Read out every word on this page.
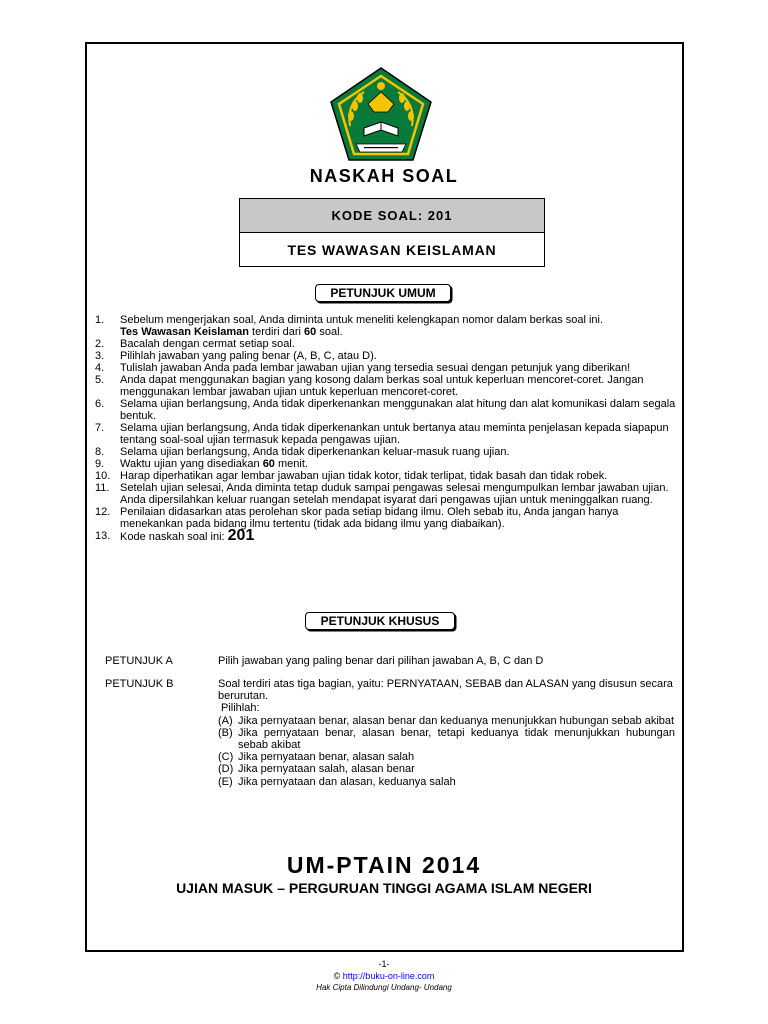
NASKAH SOAL
KODE SOAL: 201
TES WAWASAN KEISLAMAN
PETUNJUK UMUM
1.	Sebelum mengerjakan soal, Anda diminta untuk meneliti kelengkapan nomor dalam berkas soal ini.
Tes Wawasan Keislaman terdiri dari 60 soal.
2.	Bacalah dengan cermat setiap soal.
3.	Pilihlah jawaban yang paling benar (A, B, C, atau D).
4.	Tulislah jawaban Anda pada lembar jawaban ujian yang tersedia sesuai dengan petunjuk yang diberikan!
5.	Anda dapat menggunakan bagian yang kosong dalam berkas soal untuk keperluan mencoret-coret. Jangan menggunakan lembar jawaban ujian untuk keperluan mencoret-coret.
6.	Selama ujian berlangsung, Anda tidak diperkenankan menggunakan alat hitung dan alat komunikasi dalam segala bentuk.
7.	Selama ujian berlangsung, Anda tidak diperkenankan untuk bertanya atau meminta penjelasan kepada siapapun tentang soal-soal ujian termasuk kepada pengawas ujian.
8.	Selama ujian berlangsung, Anda tidak diperkenankan keluar-masuk ruang ujian.
9.	Waktu ujian yang disediakan 60 menit.
10. Harap diperhatikan agar lembar jawaban ujian tidak kotor, tidak terlipat, tidak basah dan tidak robek.
11. Setelah ujian selesai, Anda diminta tetap duduk sampai pengawas selesai mengumpulkan lembar jawaban ujian. Anda dipersilahkan keluar ruangan setelah mendapat isyarat dari pengawas ujian untuk meninggalkan ruang.
12. Penilaian didasarkan atas perolehan skor pada setiap bidang ilmu. Oleh sebab itu, Anda jangan hanya menekankan pada bidang ilmu tertentu (tidak ada bidang ilmu yang diabaikan).
13. Kode naskah soal ini: 201
PETUNJUK KHUSUS
PETUNJUK A	Pilih jawaban yang paling benar dari pilihan jawaban A, B, C dan D
PETUNJUK B	Soal terdiri atas tiga bagian, yaitu: PERNYATAAN, SEBAB dan ALASAN yang disusun secara berurutan.
Pilihlah:
(A) Jika pernyataan benar, alasan benar dan keduanya menunjukkan hubungan sebab akibat
(B) Jika pernyataan benar, alasan benar, tetapi keduanya tidak menunjukkan hubungan sebab akibat
(C) Jika pernyataan benar, alasan salah
(D) Jika pernyataan salah, alasan benar
(E) Jika pernyataan dan alasan, keduanya salah
UM-PTAIN 2014
UJIAN MASUK – PERGURUAN TINGGI AGAMA ISLAM NEGERI
-1-
© http://buku-on-line.com
Hak Cipta Dilindungi Undang- Undang
